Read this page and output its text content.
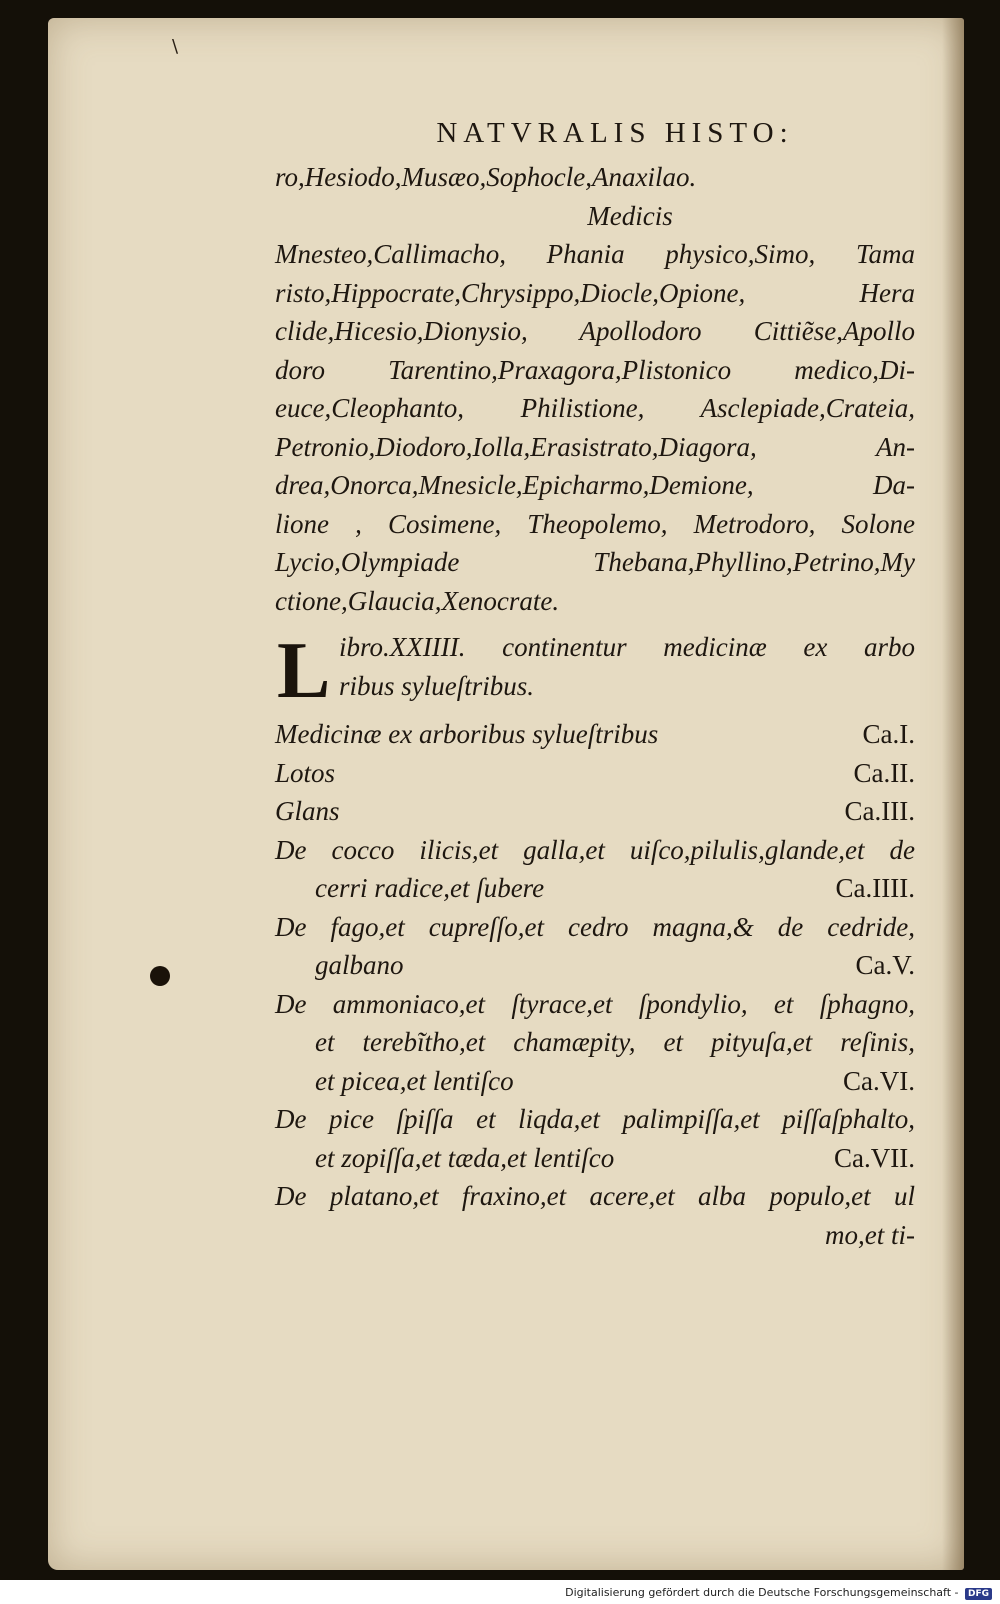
\
NATVRALIS HISTO:
ro,Hesiodo,Musæo,Sophocle,Anaxilao.
Medicis
Mnesteo,Callimacho, Phania physico,Simo, Tama
risto,Hippocrate,Chrysippo,Diocle,Opione, Hera
clide,Hicesio,Dionysio, Apollodoro Cittiẽse,Apollo
doro Tarentino,Praxagora,Plistonico medico,Di-
euce,Cleophanto, Philistione, Asclepiade,Crateia,
Petronio,Diodoro,Iolla,Erasistrato,Diagora, An-
drea,Onorca,Mnesicle,Epicharmo,Demione, Da-
lione , Cosimene, Theopolemo, Metrodoro, Solone
Lycio,Olympiade Thebana,Phyllino,Petrino,My
ctione,Glaucia,Xenocrate.
L ibro.XXIIII. continentur medicinæ ex arbo
ribus sylueſtribus.
Medicinæ ex arboribus sylueſtribus	Ca.I.
Lotos	Ca.II.
Glans	Ca.III.
De cocco ilicis,et galla,et uiſco,pilulis,glande,et de
cerri radice,et ſubere	Ca.IIII.
De fago,et cupreſſo,et cedro magna,& de cedride,
galbano	Ca.V.
De ammoniaco,et ſtyrace,et ſpondylio, et ſphagno,
et terebĩtho,et chamæpity, et pityuſa,et reſinis,
et picea,et lentiſco	Ca.VI.
De pice ſpiſſa et liqda,et palimpiſſa,et piſſaſphalto,
et zopiſſa,et tæda,et lentiſco	Ca.VII.
De platano,et fraxino,et acere,et alba populo,et ul
mo,et ti-
Digitalisierung gefördert durch die Deutsche Forschungsgemeinschaft - DFG
